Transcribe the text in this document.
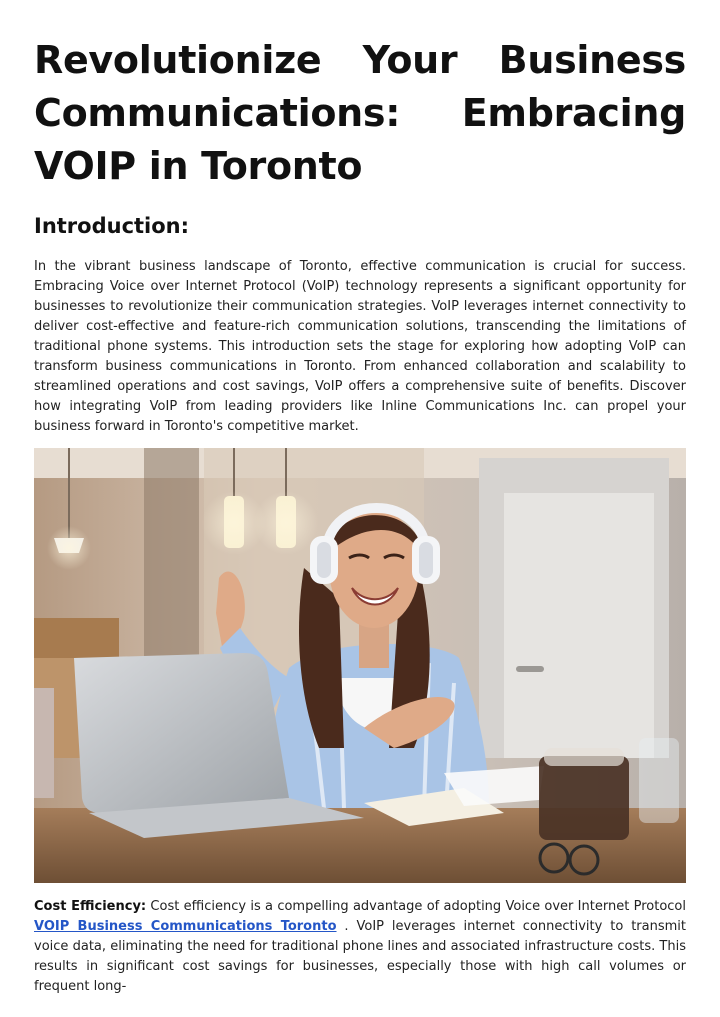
Revolutionize Your Business Communications: Embracing VOIP in Toronto
Introduction:

In the vibrant business landscape of Toronto, effective communication is crucial for success. Embracing Voice over Internet Protocol (VoIP) technology represents a significant opportunity for businesses to revolutionize their communication strategies. VoIP leverages internet connectivity to deliver cost-effective and feature-rich communication solutions, transcending the limitations of traditional phone systems. This introduction sets the stage for exploring how adopting VoIP can transform business communications in Toronto. From enhanced collaboration and scalability to streamlined operations and cost savings, VoIP offers a comprehensive suite of benefits. Discover how integrating VoIP from leading providers like Inline Communications Inc. can propel your business forward in Toronto's competitive market.

Cost Efficiency: Cost efficiency is a compelling advantage of adopting Voice over Internet Protocol VOIP Business Communications Toronto . VoIP leverages internet connectivity to transmit voice data, eliminating the need for traditional phone lines and associated infrastructure costs. This results in significant cost savings for businesses, especially those with high call volumes or frequent long-
